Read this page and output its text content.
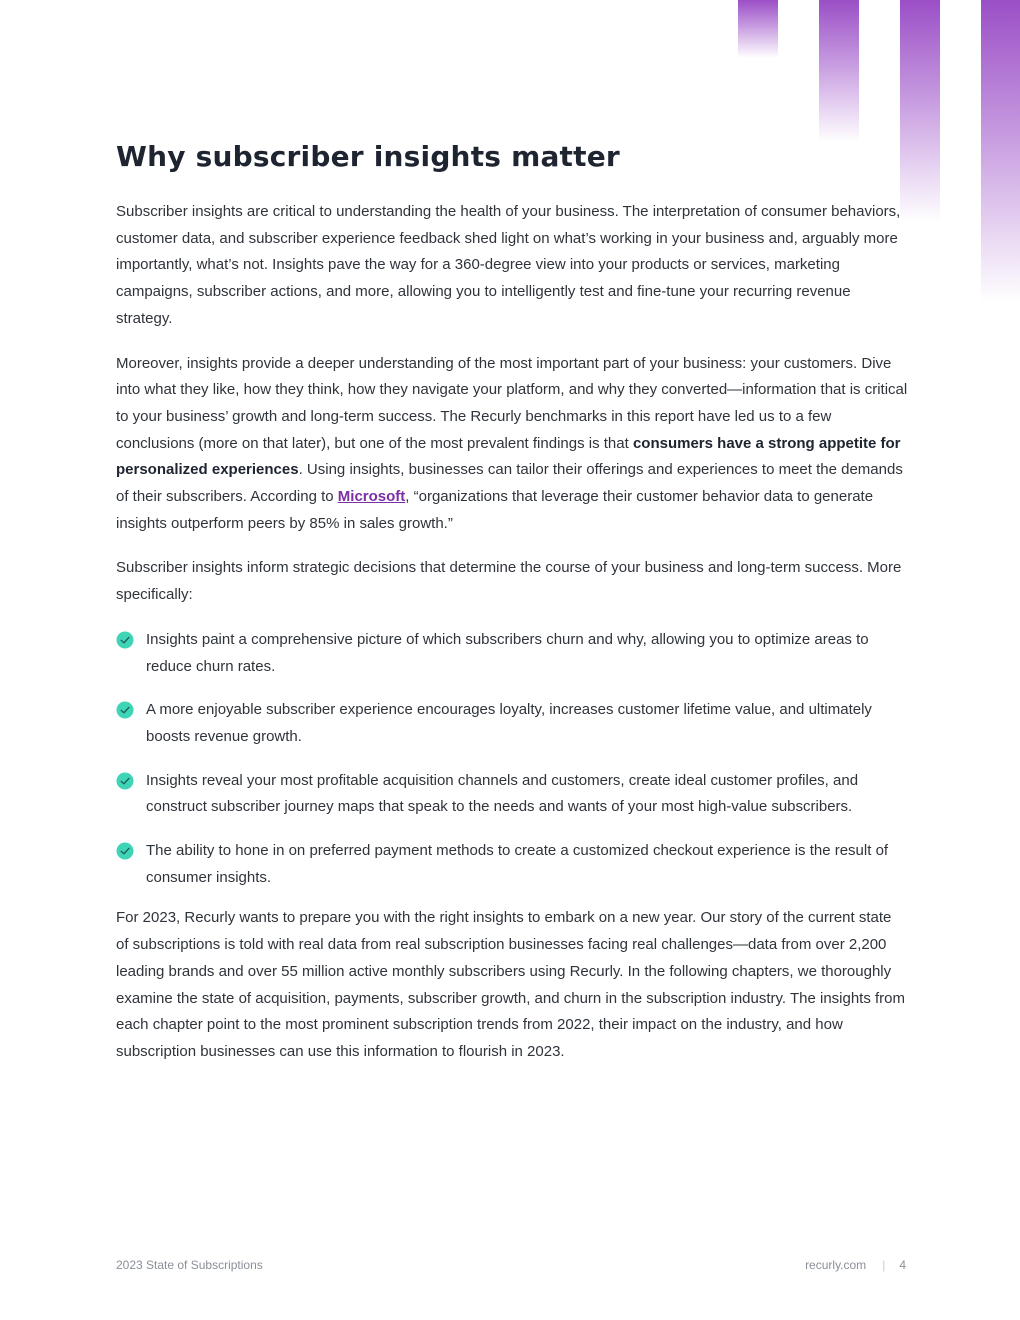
Why subscriber insights matter

Subscriber insights are critical to understanding the health of your business. The interpretation of consumer behaviors, customer data, and subscriber experience feedback shed light on what’s working in your business and, arguably more importantly, what’s not. Insights pave the way for a 360-degree view into your products or services, marketing campaigns, subscriber actions, and more, allowing you to intelligently test and fine-tune your recurring revenue strategy.

Moreover, insights provide a deeper understanding of the most important part of your business: your customers. Dive into what they like, how they think, how they navigate your platform, and why they converted—information that is critical to your business’ growth and long-term success. The Recurly benchmarks in this report have led us to a few conclusions (more on that later), but one of the most prevalent findings is that consumers have a strong appetite for personalized experiences. Using insights, businesses can tailor their offerings and experiences to meet the demands of their subscribers. According to Microsoft, “organizations that leverage their customer behavior data to generate insights outperform peers by 85% in sales growth.”

Subscriber insights inform strategic decisions that determine the course of your business and long-term success. More specifically:

Insights paint a comprehensive picture of which subscribers churn and why, allowing you to optimize areas to reduce churn rates.
A more enjoyable subscriber experience encourages loyalty, increases customer lifetime value, and ultimately boosts revenue growth.
Insights reveal your most profitable acquisition channels and customers, create ideal customer profiles, and construct subscriber journey maps that speak to the needs and wants of your most high-value subscribers.
The ability to hone in on preferred payment methods to create a customized checkout experience is the result of consumer insights.

For 2023, Recurly wants to prepare you with the right insights to embark on a new year. Our story of the current state of subscriptions is told with real data from real subscription businesses facing real challenges—data from over 2,200 leading brands and over 55 million active monthly subscribers using Recurly. In the following chapters, we thoroughly examine the state of acquisition, payments, subscriber growth, and churn in the subscription industry. The insights from each chapter point to the most prominent subscription trends from 2022, their impact on the industry, and how subscription businesses can use this information to flourish in 2023.

2023 State of Subscriptions	recurly.com | 4
